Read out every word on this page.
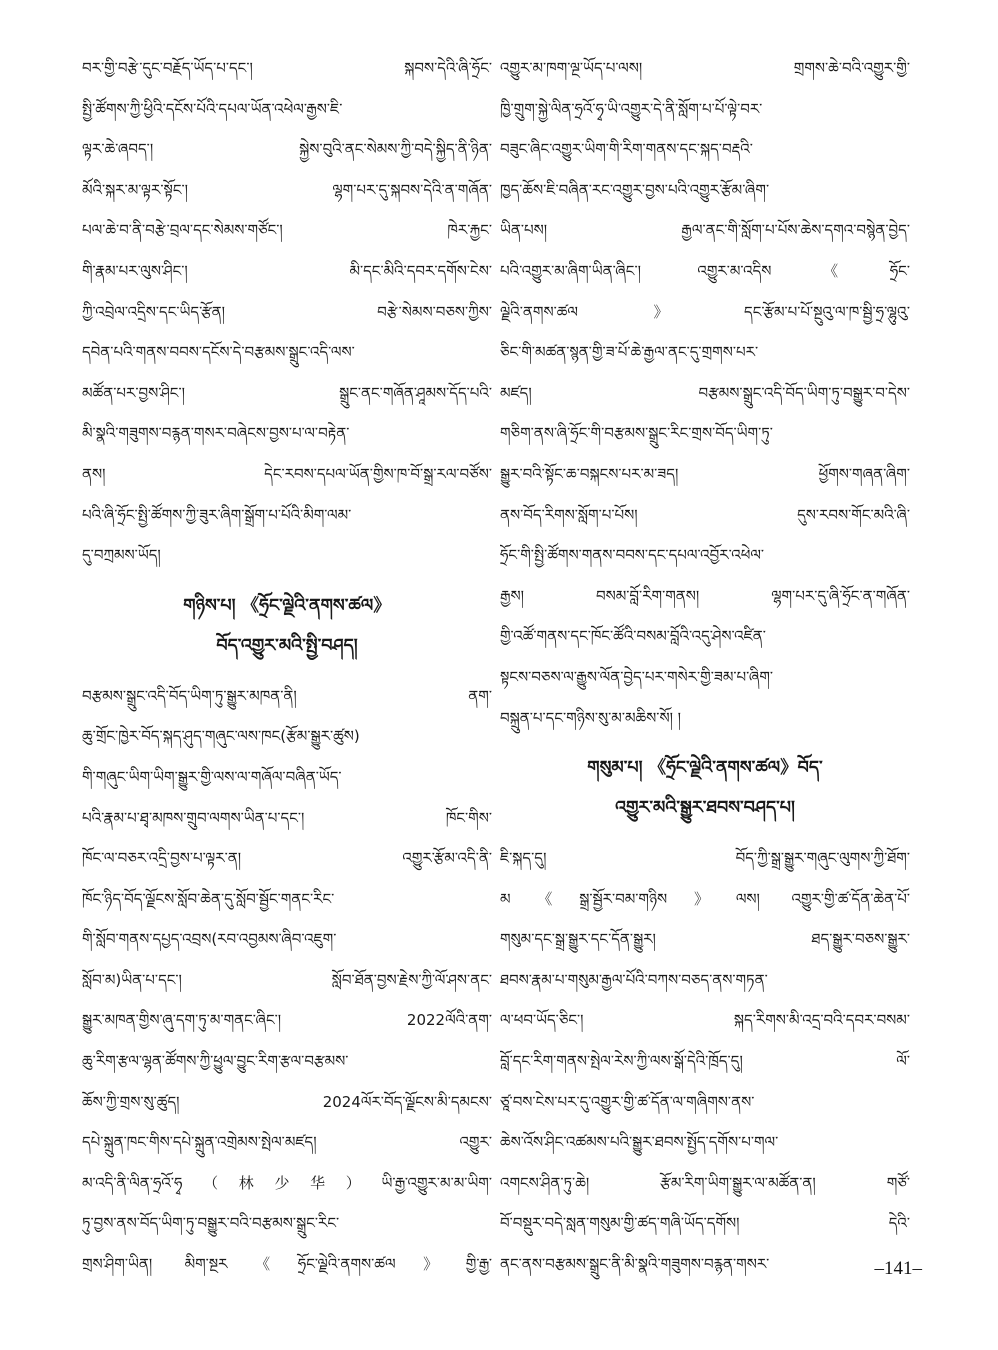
བར་གྱི་བརྩེ་དུང་བརྗོད་ཡོད་པ་དང་། སྐབས་དེའི་ཞི་ཧྲོང་
སྤྱི་ཚོགས་ཀྱི་ཕྱིའི་དངོས་པོའི་དཔལ་ཡོན་འཕེལ་རྒྱས་ཇི་
ལྟར་ཆེ་ཞབད་། སྐྱེས་བུའི་ནང་སེམས་ཀྱི་བདེ་སྐྱིད་ནི་ཉིན་
མོའི་སྐར་མ་ལྟར་སྟོང་། ལྷག་པར་དུ་སྐབས་དེའི་ན་གཞོན་
པལ་ཆེ་བ་ནི་བརྩེ་བྲལ་དང་སེམས་གཙོང་། ཁེར་རྐྱང་
གི་རྣམ་པར་ལུས་ཤིང་། མི་དང་མིའི་དབར་དགོས་ངེས་
ཀྱི་འབྲེལ་འདྲིས་དང་ཡིད་རྩོན། བརྩེ་སེམས་བཅས་ཀྱིས་
དབེན་པའི་གནས་བབས་དངོས་དེ་བརྩམས་སྒྲུང་འདི་ལས་
མཚོན་པར་བྱས་ཤིང་། སྒྲུང་ནང་གཞོན་ཤཱམས་དོད་པའི་
མི་སྣའི་གཟུགས་བརྙན་གསར་བཞེངས་བྱས་པ་ལ་བརྟེན་
ནས། དེང་རབས་དཔལ་ཡོན་གྱིས་ཁ་བོ་སྒྲ་རལ་བཙོས་
པའི་ཞི་ཧྲོང་སྤྱི་ཚོགས་ཀྱི་ཟུར་ཞིག་སྒྲོག་པ་པོའི་མིག་ལམ་
དུ་བཀྲམས་ཡོད།
གཉིས་པ། 《ཧྲོང་ལྗེའི་ནགས་ཚལ》
བོད་འགྱུར་མའི་སྤྱི་བཤད།
བརྩམས་སྒྲུང་འདི་བོད་ཡིག་ཏུ་སྒྱུར་མཁན་ནི། ནག་
ཆུ་གྲོང་ཁྱེར་བོད་སྐད་ཤུད་གཞུང་ལས་ཁང(རྩོམ་སྒྱུར་ཚུས)
གི་གཞུང་ཡིག་ཡིག་སྒྱུར་གྱི་ལས་ལ་གཞོལ་བཞིན་ཡོད་
པའི་རྣམ་པ་ཐྭ་མཁས་གྲུབ་ལགས་ཡིན་པ་དང་། ཁོང་གིས་
ཁོང་ལ་བཅར་འདྲི་བྱས་པ་ལྟར་ན། འགྱུར་རྩོམ་འདི་ནི་
ཁོང་ཉིད་བོད་ལྗོངས་སློབ་ཆེན་དུ་སློབ་སྦྱོང་གནང་རིང་
གི་སློབ་གནས་དཔྱད་འབྲས(རབ་འབྱམས་ཞིབ་འཇུག་
སློབ་མ)ཡིན་པ་དང་། སློབ་ཐོན་བྱས་རྗེས་ཀྱི་ལོ་ཤས་ནང་
སྒྱུར་མཁན་གྱིས་ཞུ་དག་ཏུ་མ་གནང་ཞིང་། 2022ལོའི་ནག་
ཆུ་རིག་རྩལ་ལྷན་ཚོགས་ཀྱི་ཕྱུལ་བྱུང་རིག་རྩལ་བརྩམས་
ཆོས་ཀྱི་གྲས་སུ་ཚུད། 2024ལོར་བོད་ལྗོངས་མི་དམངས་
དཔེ་སྐྲུན་ཁང་གིས་དཔེ་སྐྲུན་འགྲེམས་སྤེལ་མཛད། འགྱུར་
མ་འདི་ནི་ལིན་ཧྲའོ་ཧྭ（林少华）ཡི་རྒྱ་འགྱུར་མ་མ་ཡིག་
ཏུ་བྱས་ནས་བོད་ཡིག་ཏུ་བསྒྱུར་བའི་བརྩམས་སྒྲུང་རིང་
གྲས་ཤིག་ཡིན། མིག་སྔར《ཧྲོང་ལྗེའི་ནགས་ཚལ》གྱི་རྒྱ་
འགྱུར་མ་ཁག་ལྔ་ཡོད་པ་ལས། གྲགས་ཆེ་བའི་འགྱུར་གྱི་
ཁྱི་གྲུག་སྐྱེ་ལིན་ཧྲའོ་ཧྭ་ཡི་འགྱུར་དེ་ནི་སློག་པ་པོ་ལྟེ་བར་
བཟུང་ཞིང་འགྱུར་ཡིག་གི་རིག་གནས་དང་སྐད་བརྡའི་
ཁྱད་ཆོས་ཇི་བཞིན་རང་འགྱུར་བྱས་པའི་འགྱུར་རྩོམ་ཞིག་
ཡིན་པས། རྒྱལ་ནང་གི་སློག་པ་པོས་ཆེས་དགའ་བསྙེན་བྱེད་
པའི་འགྱུར་མ་ཞིག་ཡིན་ཞིང་། འགྱུར་མ་འདིས《ཧྲོང་
ལྗེའི་ནགས་ཚལ》དང་རྩོམ་པ་པོ་སྔུའུ་ལ་ཁ་སྦྱི་ཧྲ་ལྷུའུ་
ཅིང་གི་མཚན་སྙན་གྱི་ཟ་པོ་ཆེ་རྒྱལ་ནང་དུ་གྲགས་པར་
མཛད། བརྩམས་སྒྲུང་འདི་བོད་ཡིག་ཏུ་བསྒྱུར་བ་དེས་
གཅིག་ནས་ཞི་ཧྲོང་གི་བརྩམས་སྒྲུང་རིང་གྲས་བོད་ཡིག་ཏུ་
སྒྱུར་བའི་སྟོང་ཆ་བསྐངས་པར་མ་ཟད། ཕྱོགས་གཞན་ཞིག་
ནས་བོད་རིགས་སློག་པ་པོས། དུས་རབས་གོང་མའི་ཞི་
ཧྲོང་གི་སྤྱི་ཚོགས་གནས་བབས་དང་དཔལ་འབྱོར་འཕེལ་
རྒྱས། བསམ་བློ་རིག་གནས། ལྷག་པར་དུ་ཞི་ཧྲོང་ན་གཞོན་
གྱི་འཚོ་གནས་དང་ཁོང་ཚོའི་བསམ་བློའི་འདུ་ཤེས་འཛིན་
སྟངས་བཅས་ལ་རྒྱུས་ལོན་བྱེད་པར་གསེར་གྱི་ཟམ་པ་ཞིག་
བསྐྲུན་པ་དང་གཉིས་སུ་མ་མཆིས་སོ། །
གསུམ་པ། 《ཧྲོང་ལྗེའི་ནགས་ཚལ》བོད་
འགྱུར་མའི་སྒྱུར་ཐབས་བཤད་པ།
ཇི་སྐད་དུ། བོད་ཀྱི་སྒྲ་སྒྱུར་གཞུང་ལུགས་ཀྱི་ཐོག་
མ《སྒྲ་སྦྱོར་བམ་གཉིས》ལས། འགྱུར་གྱི་ཚ་དོན་ཆེན་པོ་
གསུམ་དང་སྒྲ་སྒྱུར་དང་དོན་སྒྱུར། ཐད་སྒྱུར་བཅས་སྒྱུར་
ཐབས་རྣམ་པ་གསུམ་རྒྱལ་པོའི་བཀས་བཅད་ནས་གཏན་
ལ་ཕབ་ཡོད་ཅིང་། སྐད་རིགས་མི་འདྲ་བའི་དབར་བསམ་
བློ་དང་རིག་གནས་སྤེལ་རེས་ཀྱི་ལས་སྒོ་དེའི་ཁྲོད་དུ། ལོ་
ཙཱ་བས་ངེས་པར་དུ་འགྱུར་གྱི་ཚ་དོན་ལ་གཞིགས་ནས་
ཆེས་འོས་ཤིང་འཚམས་པའི་སྒྱུར་ཐབས་སྤྱོད་དགོས་པ་གལ་
འགངས་ཤིན་ཏུ་ཆེ། རྩོམ་རིག་ཡིག་སྒྱུར་ལ་མཚོན་ན། གཙོ་
བོ་བསྡུར་བདེ་སླན་གསུམ་གྱི་ཚད་གཞི་ཡོད་དགོས། དེའི་
ནང་ནས་བརྩམས་སྒྲུང་ནི་མི་སྣའི་གཟུགས་བརྙན་གསར་	–141–
